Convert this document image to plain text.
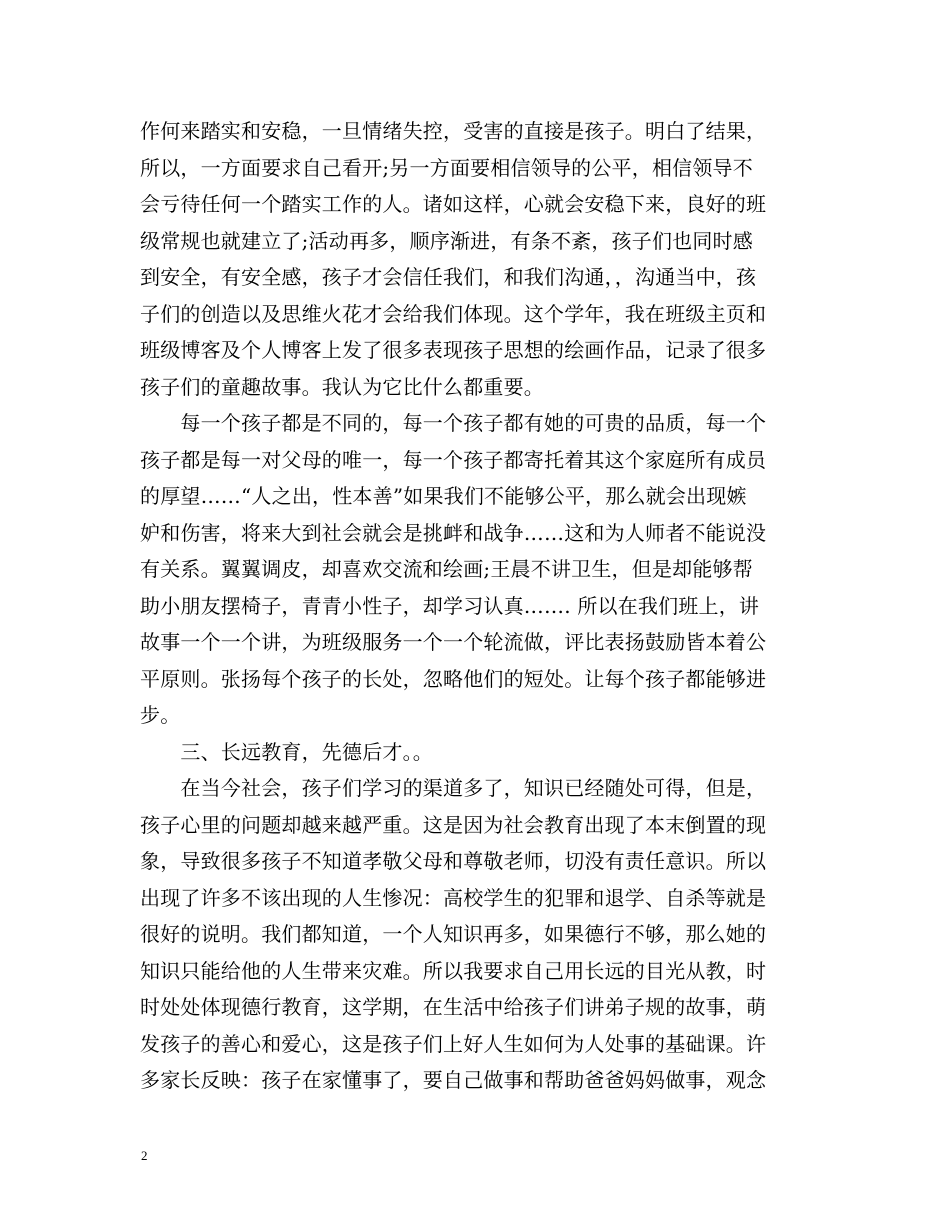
作何来踏实和安稳，一旦情绪失控，受害的直接是孩子。明白了结果，
所以，一方面要求自己看开;另一方面要相信领导的公平，相信领导不
会亏待任何一个踏实工作的人。诸如这样，心就会安稳下来，良好的班
级常规也就建立了;活动再多，顺序渐进，有条不紊，孩子们也同时感
到安全，有安全感，孩子才会信任我们，和我们沟通，，沟通当中，孩
子们的创造以及思维火花才会给我们体现。这个学年，我在班级主页和
班级博客及个人博客上发了很多表现孩子思想的绘画作品，记录了很多
孩子们的童趣故事。我认为它比什么都重要。
　　每一个孩子都是不同的，每一个孩子都有她的可贵的品质，每一个
孩子都是每一对父母的唯一，每一个孩子都寄托着其这个家庭所有成员
的厚望……“人之出，性本善”如果我们不能够公平，那么就会出现嫉
妒和伤害，将来大到社会就会是挑衅和战争……这和为人师者不能说没
有关系。翼翼调皮，却喜欢交流和绘画;王晨不讲卫生，但是却能够帮
助小朋友摆椅子，青青小性子，却学习认真……. 所以在我们班上，讲
故事一个一个讲，为班级服务一个一个轮流做，评比表扬鼓励皆本着公
平原则。张扬每个孩子的长处，忽略他们的短处。让每个孩子都能够进
步。
　　三、长远教育，先德后才。。
　　在当今社会，孩子们学习的渠道多了，知识已经随处可得，但是，
孩子心里的问题却越来越严重。这是因为社会教育出现了本末倒置的现
象，导致很多孩子不知道孝敬父母和尊敬老师，切没有责任意识。所以
出现了许多不该出现的人生惨况：高校学生的犯罪和退学、自杀等就是
很好的说明。我们都知道，一个人知识再多，如果德行不够，那么她的
知识只能给他的人生带来灾难。所以我要求自己用长远的目光从教，时
时处处体现德行教育，这学期，在生活中给孩子们讲弟子规的故事，萌
发孩子的善心和爱心，这是孩子们上好人生如何为人处事的基础课。许
多家长反映：孩子在家懂事了，要自己做事和帮助爸爸妈妈做事，观念
2
